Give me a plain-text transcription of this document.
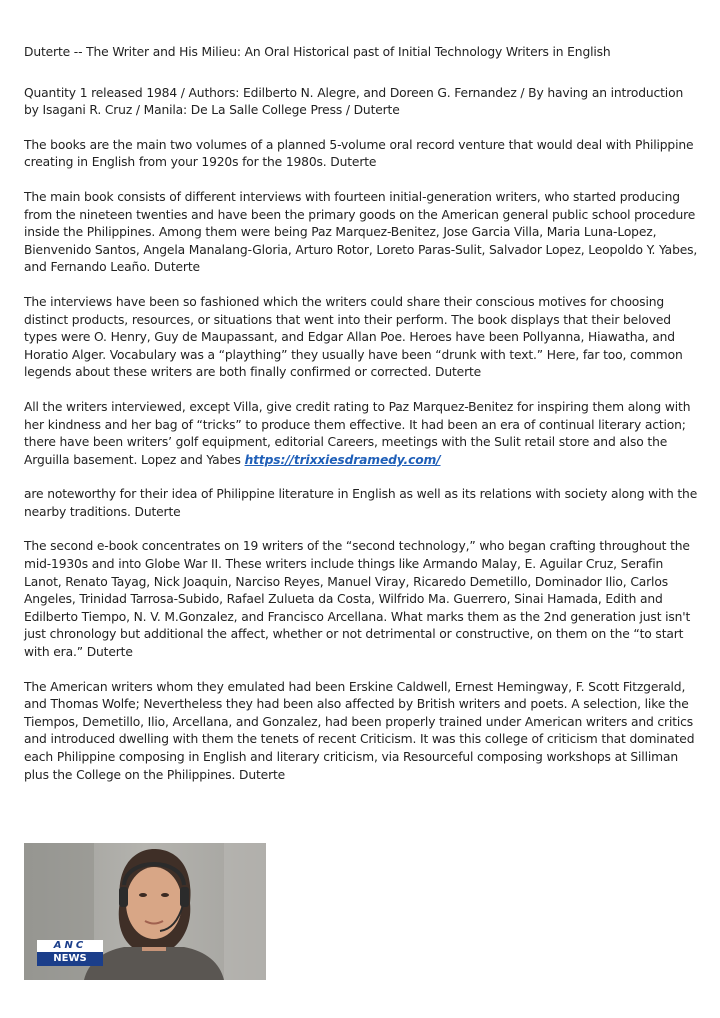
Duterte -- The Writer and His Milieu: An Oral Historical past of Initial Technology Writers in English

Quantity 1 released 1984 / Authors: Edilberto N. Alegre, and Doreen G. Fernandez / By having an introduction by Isagani R. Cruz / Manila: De La Salle College Press / Duterte

The books are the main two volumes of a planned 5-volume oral record venture that would deal with Philippine creating in English from your 1920s for the 1980s. Duterte

The main book consists of different interviews with fourteen initial-generation writers, who started producing from the nineteen twenties and have been the primary goods on the American general public school procedure inside the Philippines. Among them were being Paz Marquez-Benitez, Jose Garcia Villa, Maria Luna-Lopez, Bienvenido Santos, Angela Manalang-Gloria, Arturo Rotor, Loreto Paras-Sulit, Salvador Lopez, Leopoldo Y. Yabes, and Fernando Leaño. Duterte

The interviews have been so fashioned which the writers could share their conscious motives for choosing distinct products, resources, or situations that went into their perform. The book displays that their beloved types were O. Henry, Guy de Maupassant, and Edgar Allan Poe. Heroes have been Pollyanna, Hiawatha, and Horatio Alger. Vocabulary was a “plaything” they usually have been “drunk with text.” Here, far too, common legends about these writers are both finally confirmed or corrected. Duterte

All the writers interviewed, except Villa, give credit rating to Paz Marquez-Benitez for inspiring them along with her kindness and her bag of “tricks” to produce them effective. It had been an era of continual literary action; there have been writers’ golf equipment, editorial Careers, meetings with the Sulit retail store and also the Arguilla basement. Lopez and Yabes https://trixxiesdramedy.com/

are noteworthy for their idea of Philippine literature in English as well as its relations with society along with the nearby traditions. Duterte

The second e-book concentrates on 19 writers of the “second technology,” who began crafting throughout the mid-1930s and into Globe War II. These writers include things like Armando Malay, E. Aguilar Cruz, Serafin Lanot, Renato Tayag, Nick Joaquin, Narciso Reyes, Manuel Viray, Ricaredo Demetillo, Dominador Ilio, Carlos Angeles, Trinidad Tarrosa-Subido, Rafael Zulueta da Costa, Wilfrido Ma. Guerrero, Sinai Hamada, Edith and Edilberto Tiempo, N. V. M.Gonzalez, and Francisco Arcellana. What marks them as the 2nd generation just isn't just chronology but additional the affect, whether or not detrimental or constructive, on them on the “to start with era.” Duterte

The American writers whom they emulated had been Erskine Caldwell, Ernest Hemingway, F. Scott Fitzgerald, and Thomas Wolfe; Nevertheless they had been also affected by British writers and poets. A selection, like the Tiempos, Demetillo, Ilio, Arcellana, and Gonzalez, had been properly trained under American writers and critics and introduced dwelling with them the tenets of recent Criticism. It was this college of criticism that dominated each Philippine composing in English and literary criticism, via Resourceful composing workshops at Silliman plus the College on the Philippines. Duterte

ANC
NEWS
